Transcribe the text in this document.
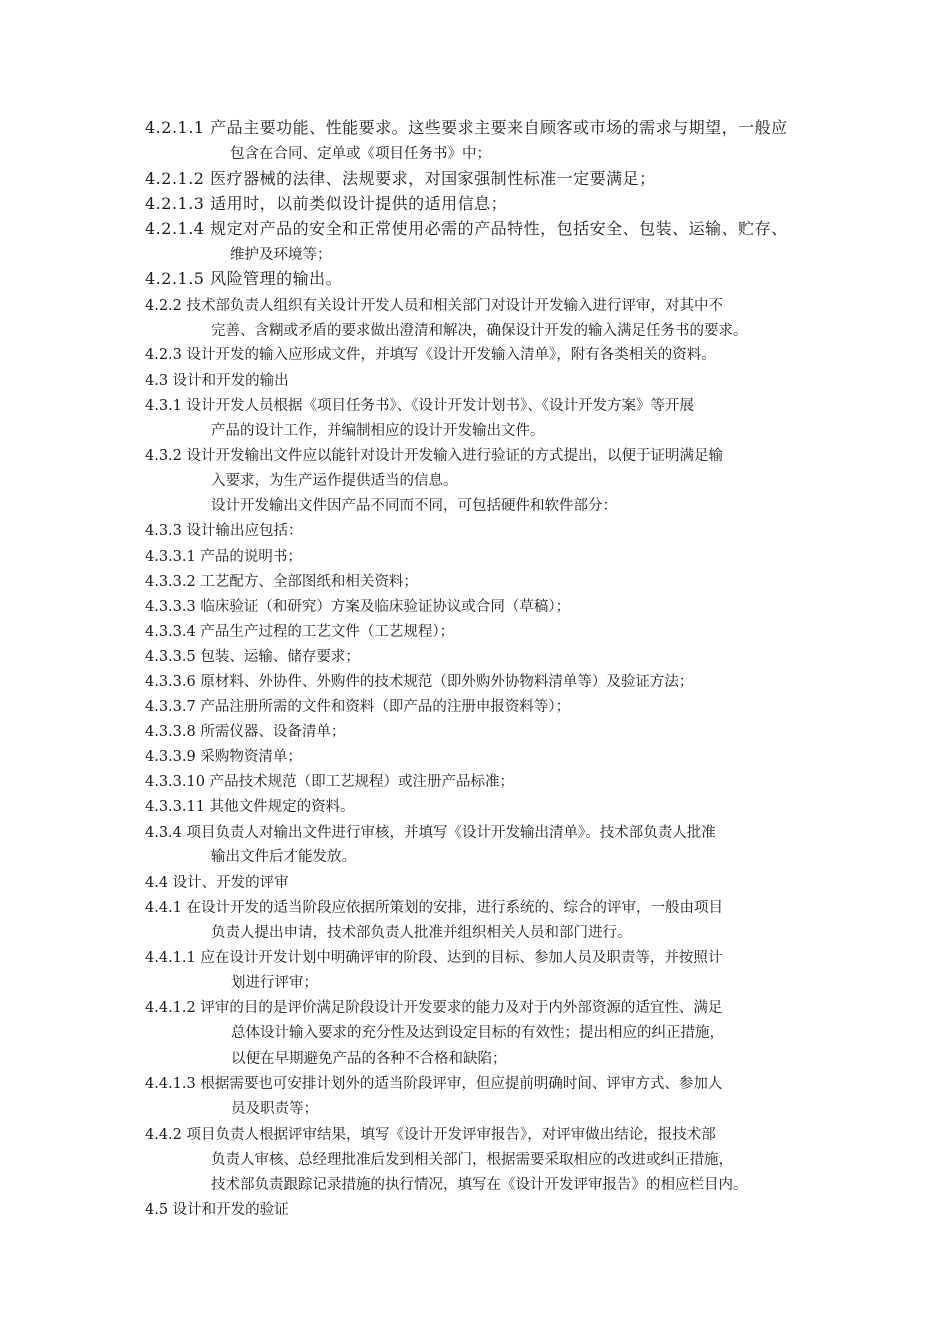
4.2.1.1 产品主要功能、性能要求。这些要求主要来自顾客或市场的需求与期望，一般应
包含在合同、定单或《项目任务书》中；
4.2.1.2 医疗器械的法律、法规要求，对国家强制性标准一定要满足；
4.2.1.3 适用时，以前类似设计提供的适用信息；
4.2.1.4 规定对产品的安全和正常使用必需的产品特性，包括安全、包装、运输、贮存、
维护及环境等；
4.2.1.5 风险管理的输出。
4.2.2 技术部负责人组织有关设计开发人员和相关部门对设计开发输入进行评审，对其中不
完善、含糊或矛盾的要求做出澄清和解决，确保设计开发的输入满足任务书的要求。
4.2.3 设计开发的输入应形成文件，并填写《设计开发输入清单》，附有各类相关的资料。
4.3 设计和开发的输出
4.3.1 设计开发人员根据《项目任务书》、《设计开发计划书》、《设计开发方案》等开展
产品的设计工作，并编制相应的设计开发输出文件。
4.3.2 设计开发输出文件应以能针对设计开发输入进行验证的方式提出，以便于证明满足输
入要求，为生产运作提供适当的信息。
设计开发输出文件因产品不同而不同，可包括硬件和软件部分：
4.3.3 设计输出应包括：
4.3.3.1 产品的说明书；
4.3.3.2 工艺配方、全部图纸和相关资料；
4.3.3.3 临床验证（和研究）方案及临床验证协议或合同（草稿）；
4.3.3.4 产品生产过程的工艺文件（工艺规程）；
4.3.3.5 包装、运输、储存要求；
4.3.3.6 原材料、外协件、外购件的技术规范（即外购外协物料清单等）及验证方法；
4.3.3.7 产品注册所需的文件和资料（即产品的注册申报资料等）；
4.3.3.8 所需仪器、设备清单；
4.3.3.9 采购物资清单；
4.3.3.10 产品技术规范（即工艺规程）或注册产品标准；
4.3.3.11 其他文件规定的资料。
4.3.4 项目负责人对输出文件进行审核，并填写《设计开发输出清单》。技术部负责人批准
输出文件后才能发放。
4.4 设计、开发的评审
4.4.1 在设计开发的适当阶段应依据所策划的安排，进行系统的、综合的评审，一般由项目
负责人提出申请，技术部负责人批准并组织相关人员和部门进行。
4.4.1.1 应在设计开发计划中明确评审的阶段、达到的目标、参加人员及职责等，并按照计
划进行评审；
4.4.1.2 评审的目的是评价满足阶段设计开发要求的能力及对于内外部资源的适宜性、满足
总体设计输入要求的充分性及达到设定目标的有效性；提出相应的纠正措施，
以便在早期避免产品的各种不合格和缺陷；
4.4.1.3 根据需要也可安排计划外的适当阶段评审，但应提前明确时间、评审方式、参加人
员及职责等；
4.4.2 项目负责人根据评审结果，填写《设计开发评审报告》，对评审做出结论，报技术部
负责人审核、总经理批准后发到相关部门，根据需要采取相应的改进或纠正措施，
技术部负责跟踪记录措施的执行情况，填写在《设计开发评审报告》的相应栏目内。
4.5 设计和开发的验证
